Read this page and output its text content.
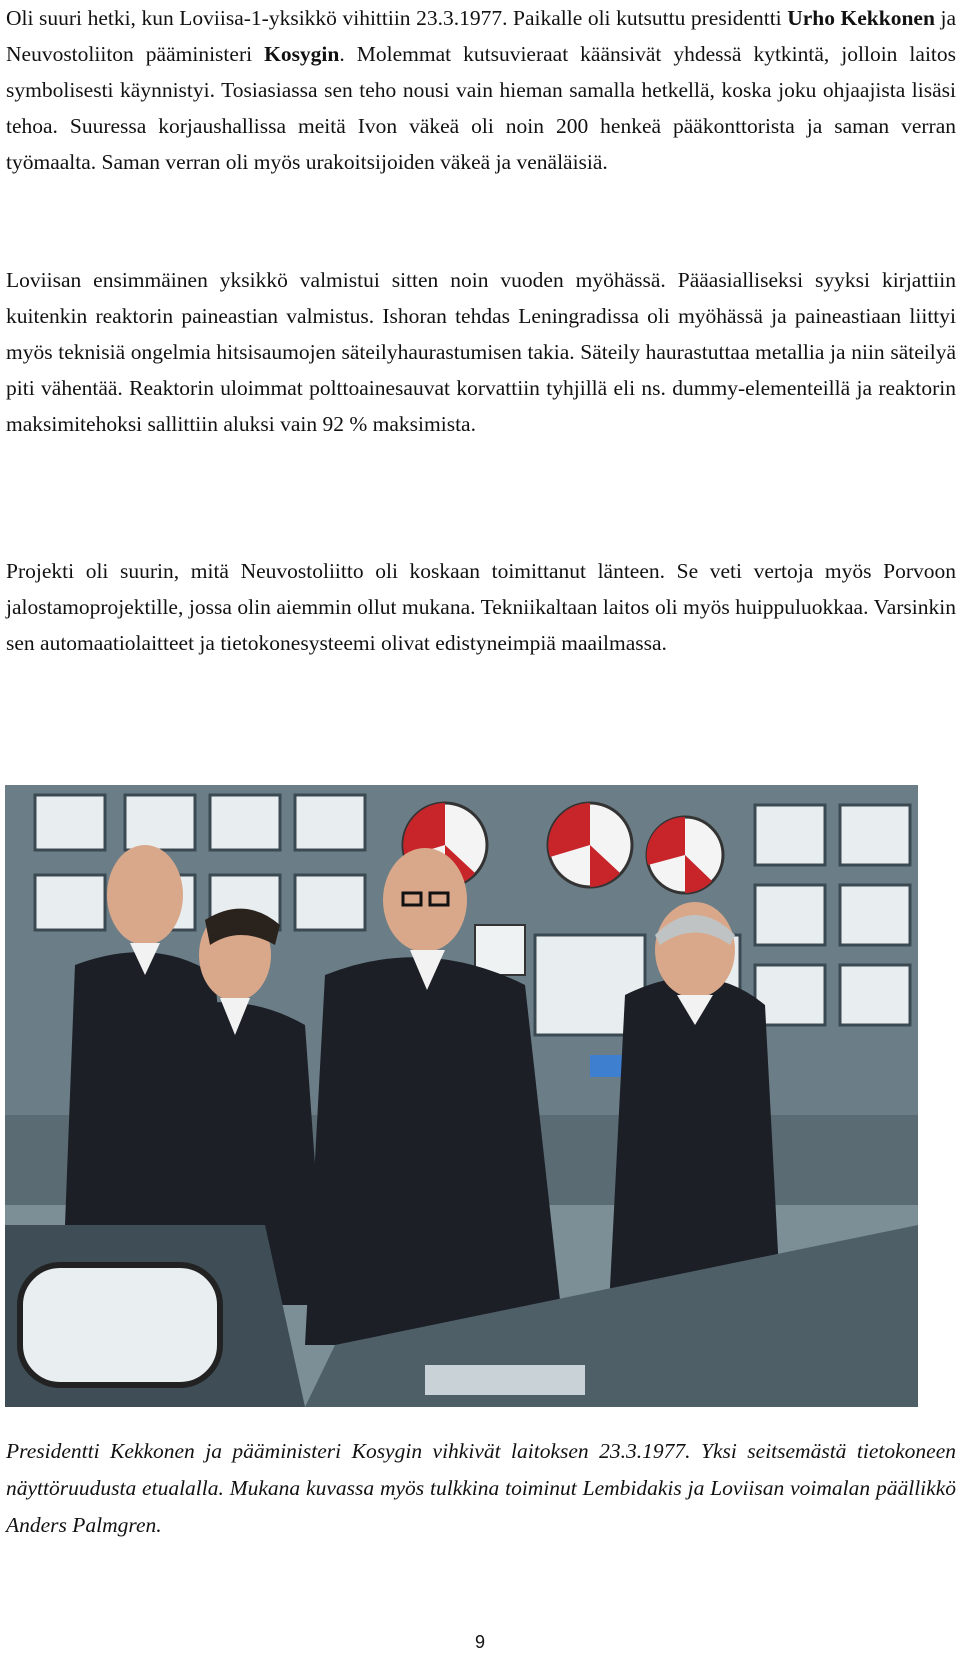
Oli suuri hetki, kun Loviisa-1-yksikkö vihittiin 23.3.1977. Paikalle oli kutsuttu presidentti Urho Kekkonen ja Neuvostoliiton pääministeri Kosygin. Molemmat kutsuvieraat käänsivät yhdessä kytkintä, jolloin laitos symbolisesti käynnistyi. Tosiasiassa sen teho nousi vain hieman samalla hetkellä, koska joku ohjaajista lisäsi tehoa. Suuressa korjaushallissa meitä Ivon väkeä oli noin 200 henkeä pääkonttorista ja saman verran työmaalta. Saman verran oli myös urakoitsijoiden väkeä ja venäläisiä.

Loviisan ensimmäinen yksikkö valmistui sitten noin vuoden myöhässä. Pääasialliseksi syyksi kirjattiin kuitenkin reaktorin paineastian valmistus. Ishoran tehdas Leningradissa oli myöhässä ja paineastiaan liittyi myös teknisiä ongelmia hitsisaumojen säteilyhaurastumisen takia. Säteily haurastuttaa metallia ja niin säteilyä piti vähentää. Reaktorin uloimmat polttoainesauvat korvattiin tyhjillä eli ns. dummy-elementeillä ja reaktorin maksimitehoksi sallittiin aluksi vain 92 % maksimista.

Projekti oli suurin, mitä Neuvostoliitto oli koskaan toimittanut länteen. Se veti vertoja myös Porvoon jalostamoprojektille, jossa olin aiemmin ollut mukana. Tekniikaltaan laitos oli myös huippuluokkaa. Varsinkin sen automaatiolaitteet ja tietokonesysteemi olivat edistyneimpiä maailmassa.

Presidentti Kekkonen ja pääministeri Kosygin vihkivät laitoksen 23.3.1977. Yksi seitsemästä tietokoneen näyttöruudusta etualalla. Mukana kuvassa myös tulkkina toiminut Lembidakis ja Loviisan voimalan päällikkö Anders Palmgren.

9
